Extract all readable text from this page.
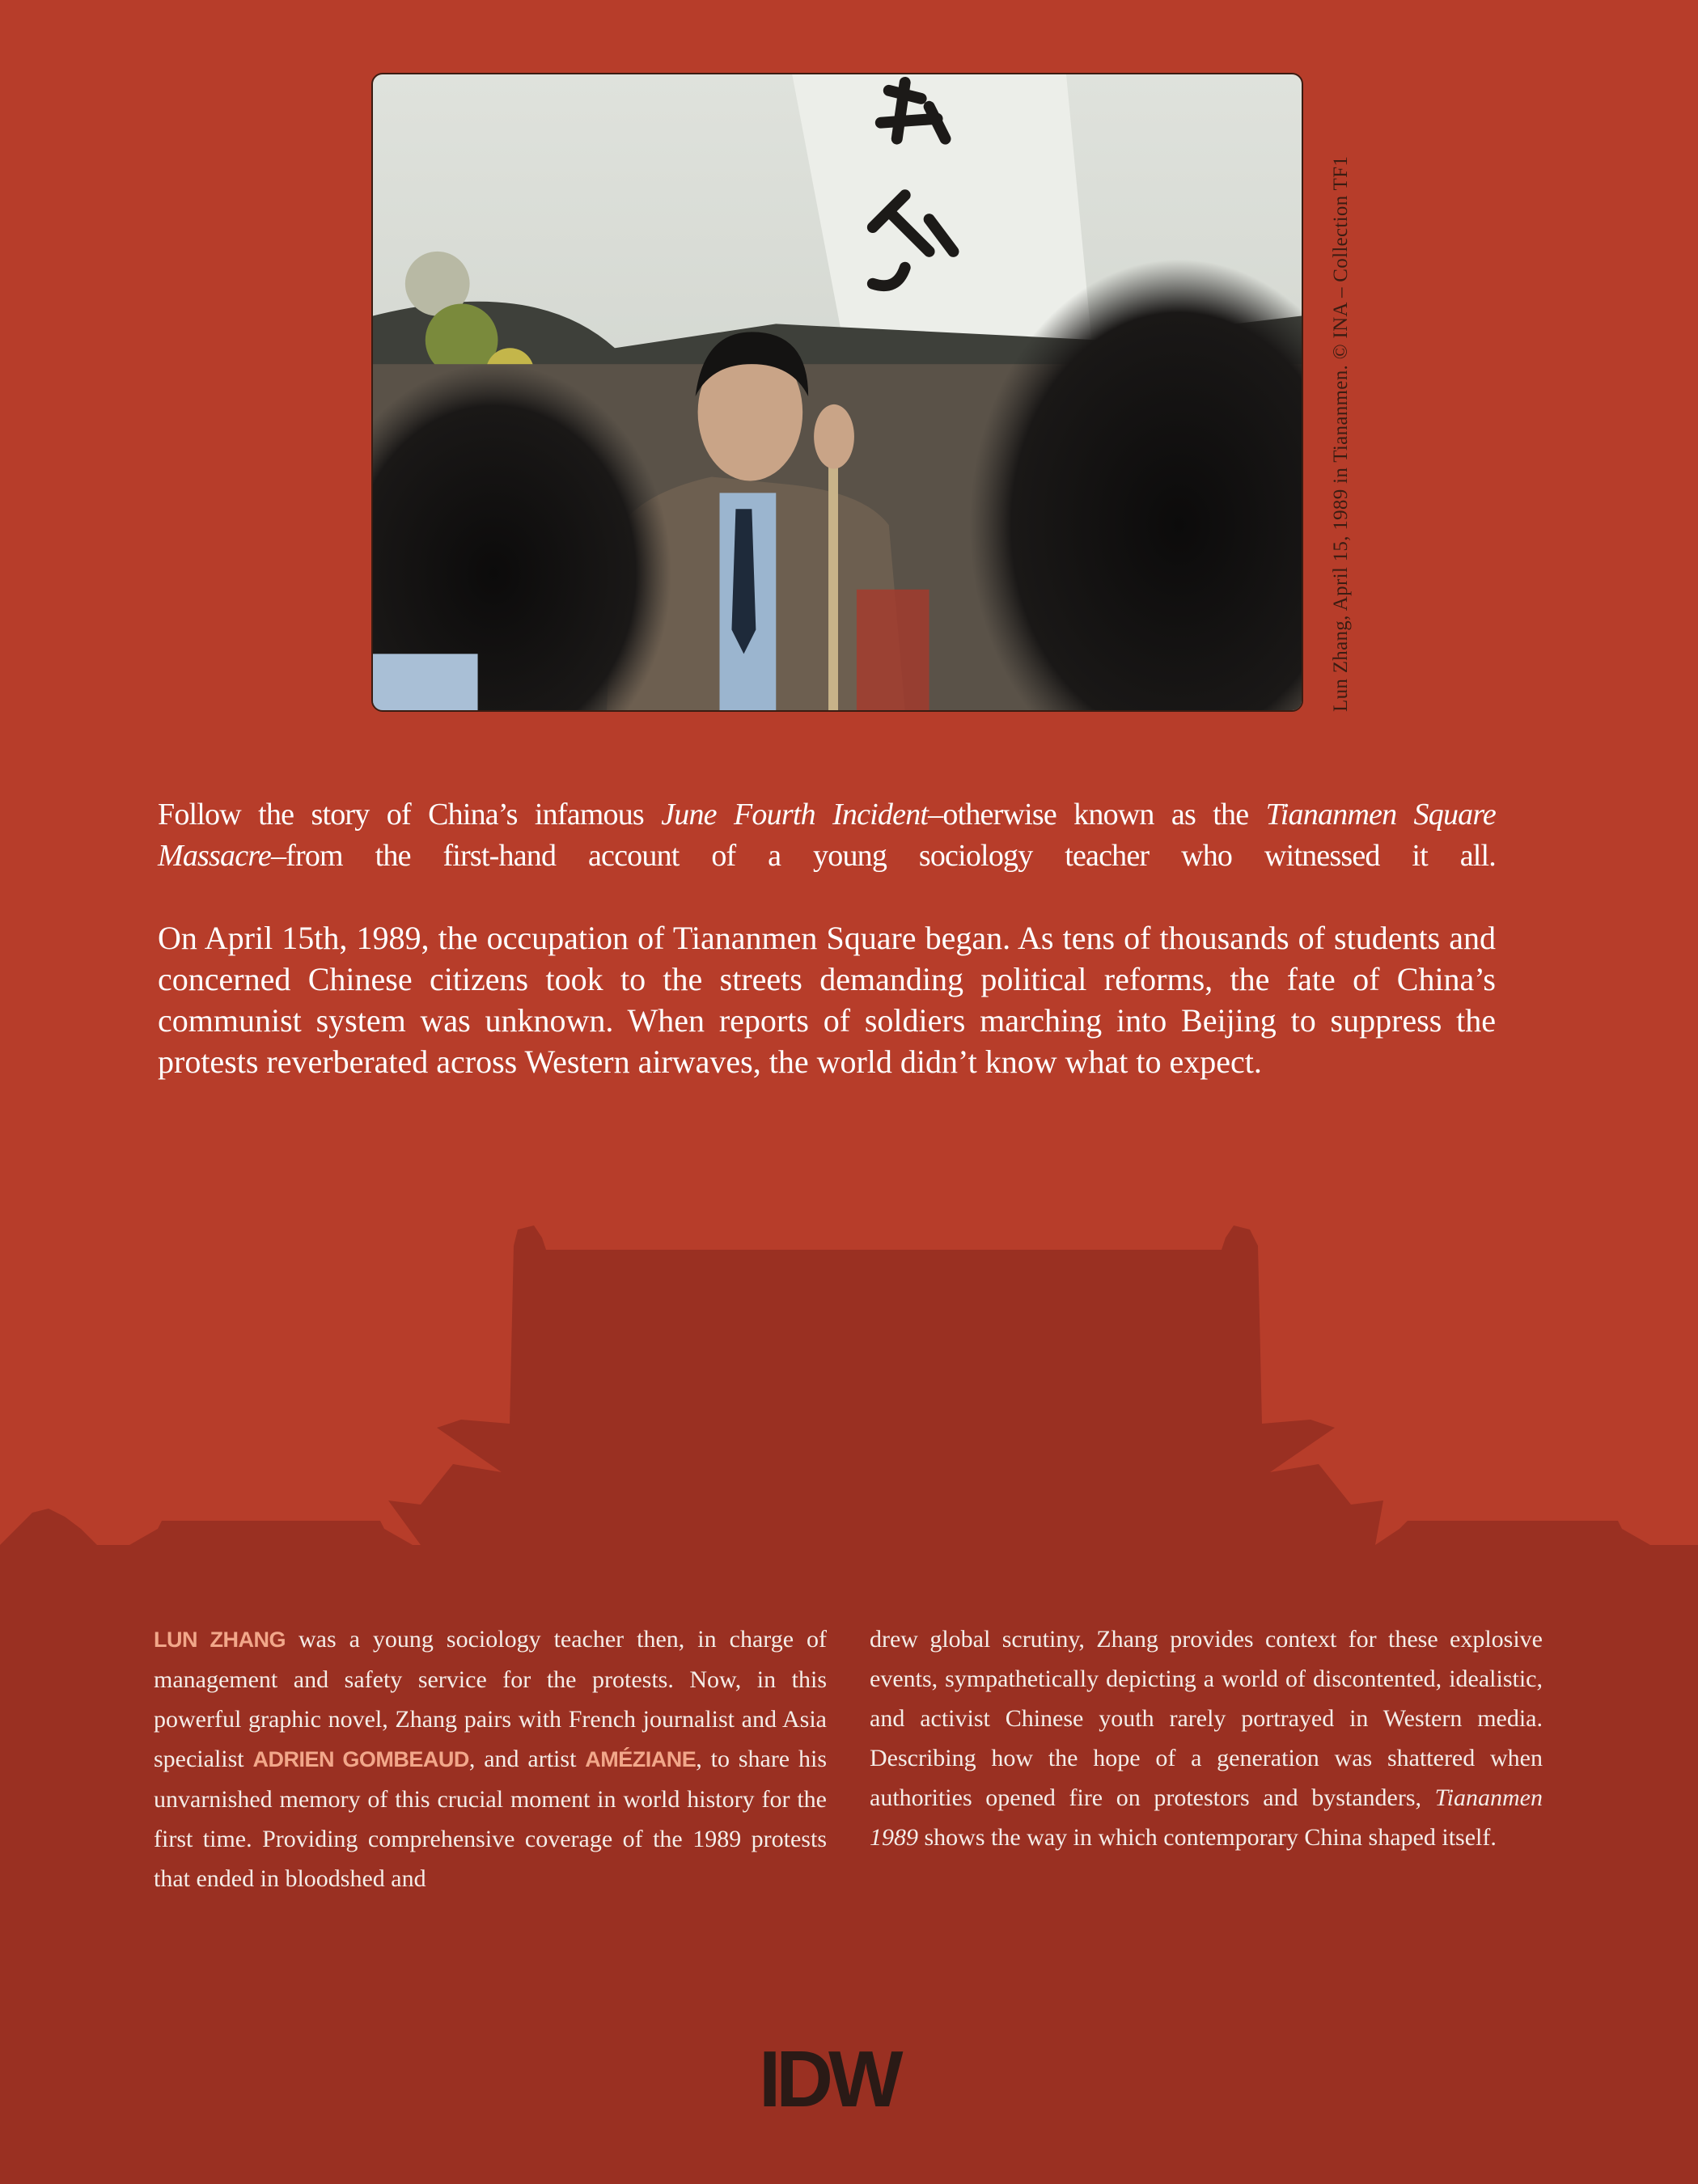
Lun Zhang, April 15, 1989 in Tiananmen. © INA – Collection TF1

Follow the story of China’s infamous June Fourth Incident–otherwise known as the Tiananmen Square Massacre–from the first-hand account of a young sociology teacher who witnessed it all.

On April 15th, 1989, the occupation of Tiananmen Square began. As tens of thousands of students and concerned Chinese citizens took to the streets demanding political reforms, the fate of China’s communist system was unknown. When reports of soldiers marching into Beijing to suppress the protests reverberated across Western airwaves, the world didn’t know what to expect.

LUN ZHANG was a young sociology teacher then, in charge of management and safety service for the protests. Now, in this powerful graphic novel, Zhang pairs with French journalist and Asia specialist ADRIEN GOMBEAUD, and artist AMÉZIANE, to share his unvarnished memory of this crucial moment in world history for the first time. Providing comprehensive coverage of the 1989 protests that ended in bloodshed and

drew global scrutiny, Zhang provides context for these explosive events, sympathetically depicting a world of discontented, idealistic, and activist Chinese youth rarely portrayed in Western media. Describing how the hope of a generation was shattered when authorities opened fire on protestors and bystanders, Tiananmen 1989 shows the way in which contemporary China shaped itself.

IDW
